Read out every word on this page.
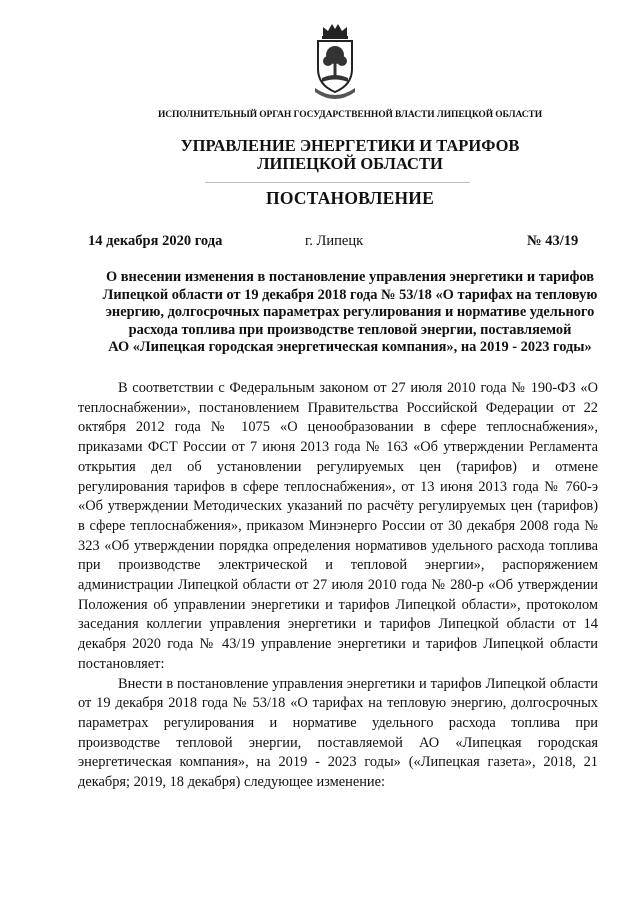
ИСПОЛНИТЕЛЬНЫЙ ОРГАН ГОСУДАРСТВЕННОЙ ВЛАСТИ ЛИПЕЦКОЙ ОБЛАСТИ
УПРАВЛЕНИЕ ЭНЕРГЕТИКИ И ТАРИФОВ
ЛИПЕЦКОЙ ОБЛАСТИ
ПОСТАНОВЛЕНИЕ
14 декабря 2020 года	г. Липецк	№ 43/19
О внесении изменения в постановление управления энергетики и тарифов
Липецкой области от 19 декабря 2018 года № 53/18 «О тарифах на тепловую
энергию, долгосрочных параметрах регулирования и нормативе удельного
расхода топлива при производстве тепловой энергии, поставляемой
АО «Липецкая городская энергетическая компания», на 2019 - 2023 годы»

В соответствии с Федеральным законом от 27 июля 2010 года № 190-ФЗ «О теплоснабжении», постановлением Правительства Российской Федерации от 22 октября 2012 года № 1075 «О ценообразовании в сфере теплоснабжения», приказами ФСТ России от 7 июня 2013 года № 163 «Об утверждении Регламента открытия дел об установлении регулируемых цен (тарифов) и отмене регулирования тарифов в сфере теплоснабжения», от 13 июня 2013 года № 760-э «Об утверждении Методических указаний по расчёту регулируемых цен (тарифов) в сфере теплоснабжения», приказом Минэнерго России от 30 декабря 2008 года № 323 «Об утверждении порядка определения нормативов удельного расхода топлива при производстве электрической и тепловой энергии», распоряжением администрации Липецкой области от 27 июля 2010 года № 280-р «Об утверждении Положения об управлении энергетики и тарифов Липецкой области», протоколом заседания коллегии управления энергетики и тарифов Липецкой области от 14 декабря 2020 года № 43/19 управление энергетики и тарифов Липецкой области постановляет:

Внести в постановление управления энергетики и тарифов Липецкой области от 19 декабря 2018 года № 53/18 «О тарифах на тепловую энергию, долгосрочных параметрах регулирования и нормативе удельного расхода топлива при производстве тепловой энергии, поставляемой АО «Липецкая городская энергетическая компания», на 2019 - 2023 годы» («Липецкая газета», 2018, 21 декабря; 2019, 18 декабря) следующее изменение:
